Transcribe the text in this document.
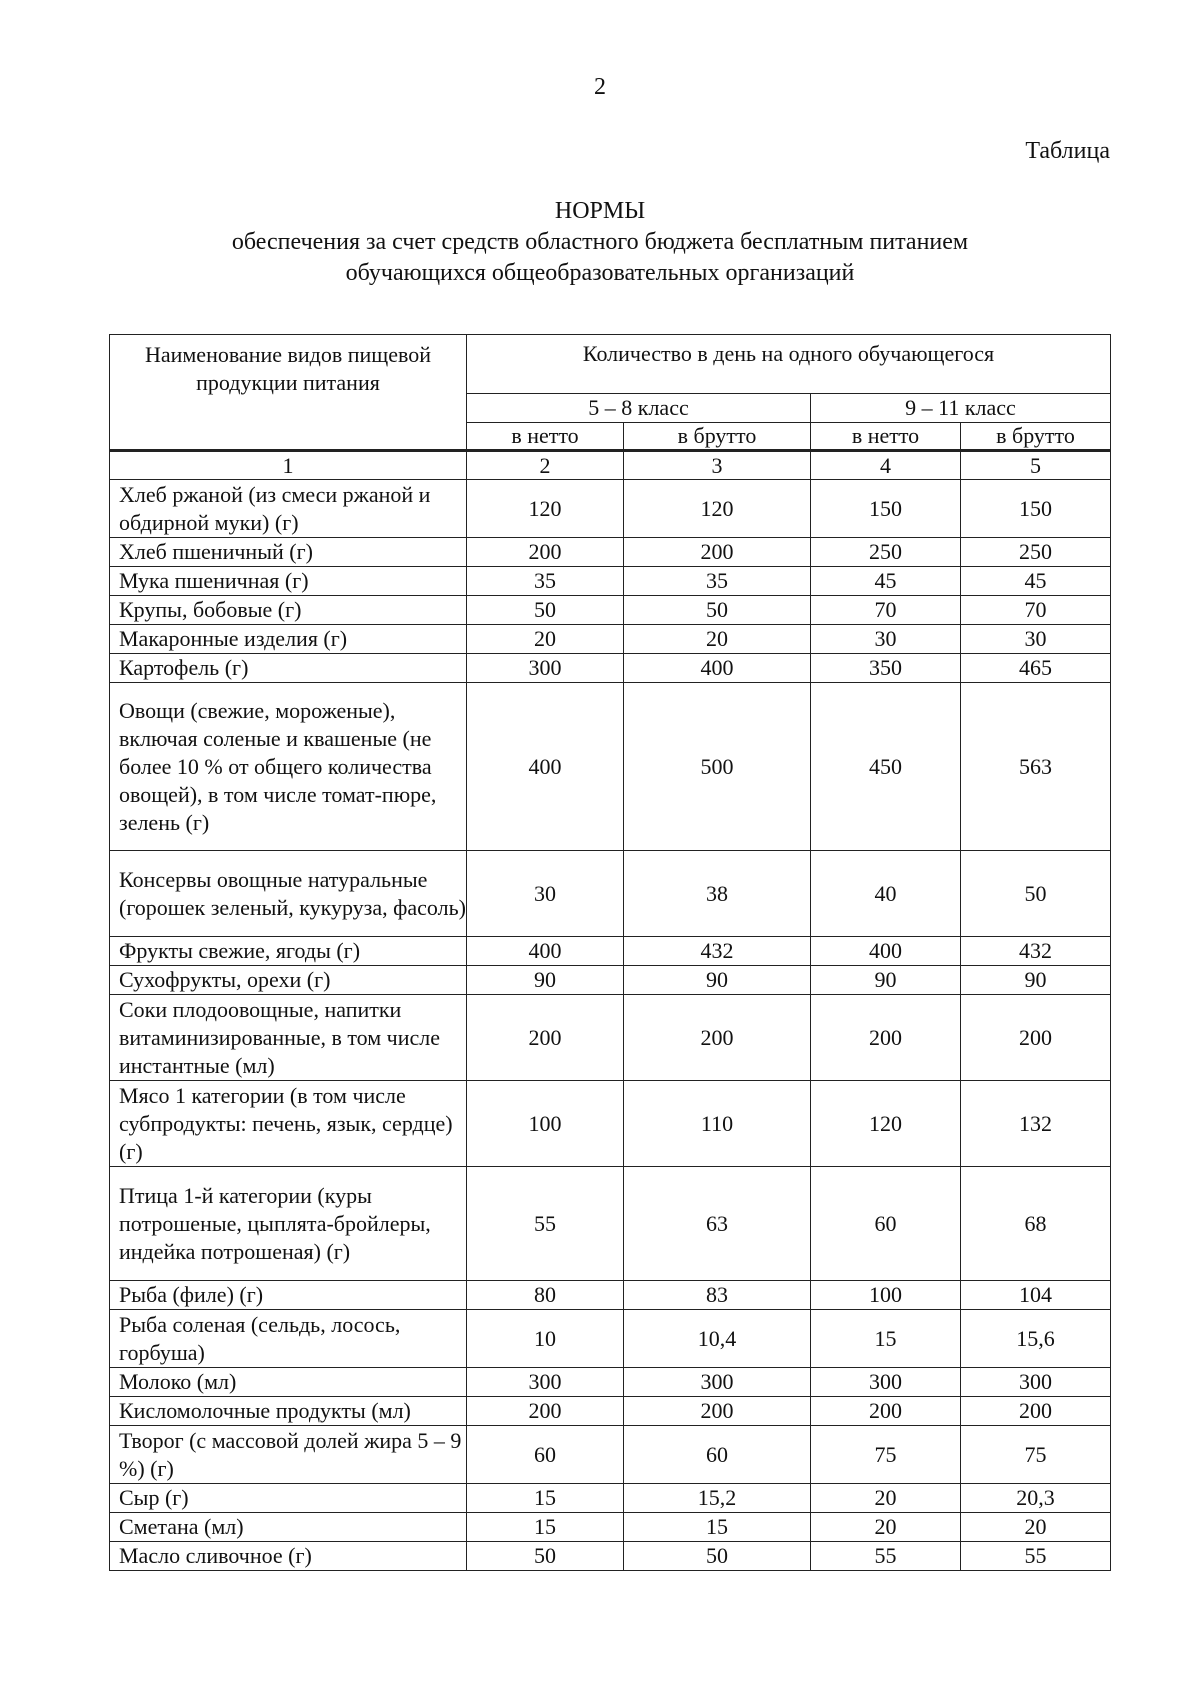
2
Таблица
НОРМЫ
обеспечения за счет средств областного бюджета бесплатным питанием
обучающихся общеобразовательных организаций
Наименование видов пищевой продукции питания	Количество в день на одного обучающегося			
	5 – 8 класс		9 – 11 класс	
	в нетто	в брутто	в нетто	в брутто
1	2	3	4	5
Хлеб ржаной (из смеси ржаной и обдирной муки) (г)	120	120	150	150
Хлеб пшеничный (г)	200	200	250	250
Мука пшеничная (г)	35	35	45	45
Крупы, бобовые (г)	50	50	70	70
Макаронные изделия (г)	20	20	30	30
Картофель (г)	300	400	350	465
Овощи (свежие, мороженые), включая соленые и квашеные (не более 10 % от общего количества овощей), в том числе томат-пюре, зелень (г)	400	500	450	563
Консервы овощные натуральные (горошек зеленый, кукуруза, фасоль)	30	38	40	50
Фрукты свежие, ягоды (г)	400	432	400	432
Сухофрукты, орехи (г)	90	90	90	90
Соки плодоовощные, напитки витаминизированные, в том числе инстантные (мл)	200	200	200	200
Мясо 1 категории (в том числе субпродукты: печень, язык, сердце) (г)	100	110	120	132
Птица 1-й категории (куры потрошеные, цыплята-бройлеры, индейка потрошеная) (г)	55	63	60	68
Рыба (филе) (г)	80	83	100	104
Рыба соленая (сельдь, лосось, горбуша)	10	10,4	15	15,6
Молоко (мл)	300	300	300	300
Кисломолочные продукты (мл)	200	200	200	200
Творог (с массовой долей жира 5 – 9 %) (г)	60	60	75	75
Сыр (г)	15	15,2	20	20,3
Сметана (мл)	15	15	20	20
Масло сливочное (г)	50	50	55	55
